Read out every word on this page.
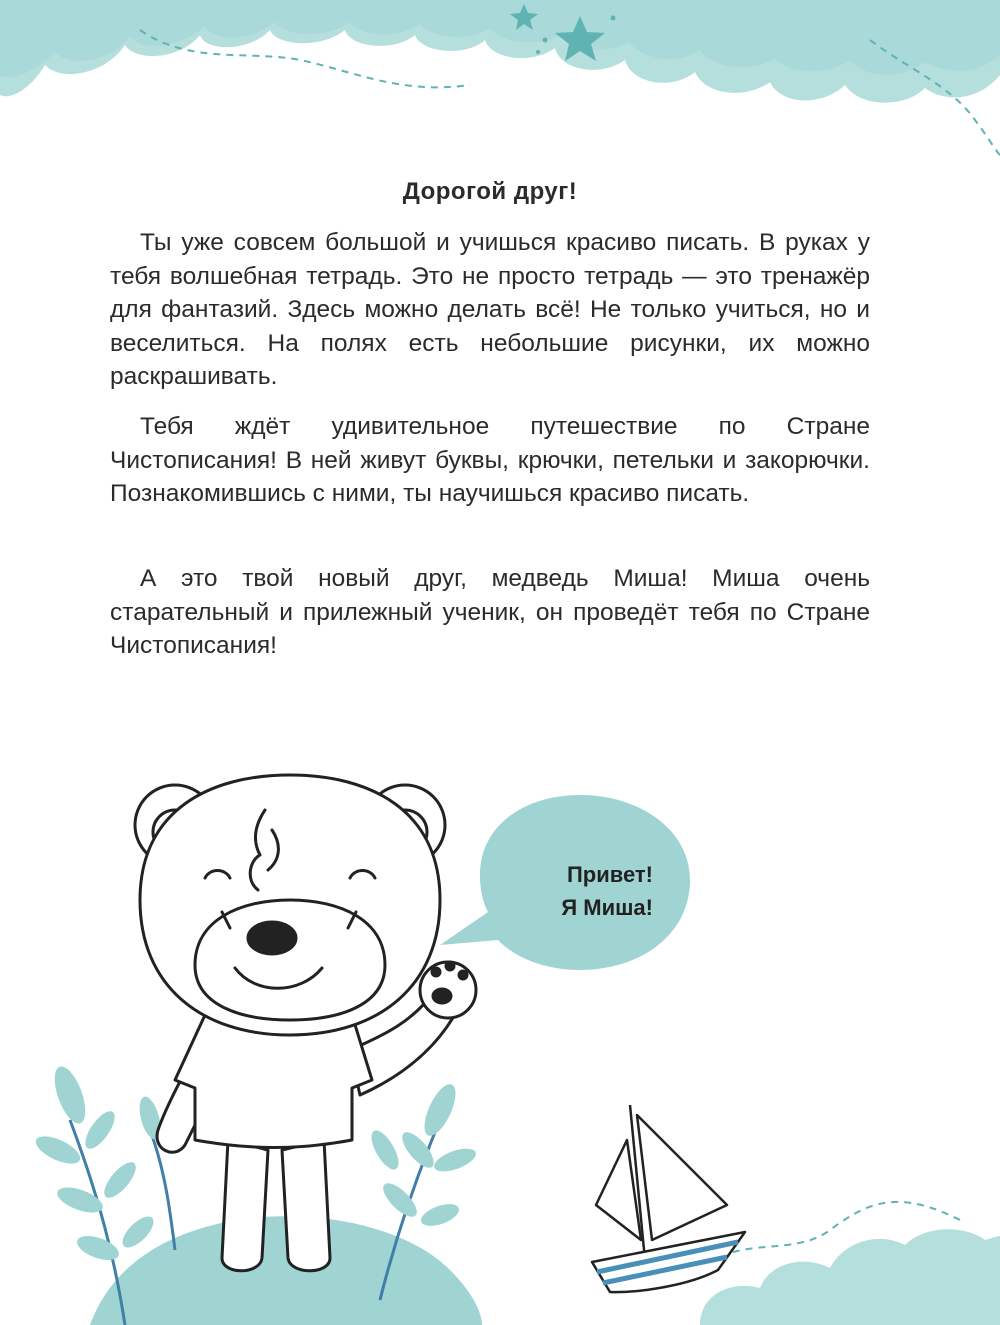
Дорогой друг!

Ты уже совсем большой и учишься красиво писать. В руках у тебя волшебная тетрадь. Это не просто тетрадь — это тренажёр для фантазий. Здесь можно делать всё! Не только учиться, но и веселиться. На полях есть небольшие рисунки, их можно раскрашивать.

Тебя ждёт удивительное путешествие по Стране Чистописания! В ней живут буквы, крючки, петельки и закорючки. Познакомившись с ними, ты научишься красиво писать.

А это твой новый друг, медведь Миша! Миша очень старательный и прилежный ученик, он проведёт тебя по Стране Чистописания!

Привет!
Я Миша!
